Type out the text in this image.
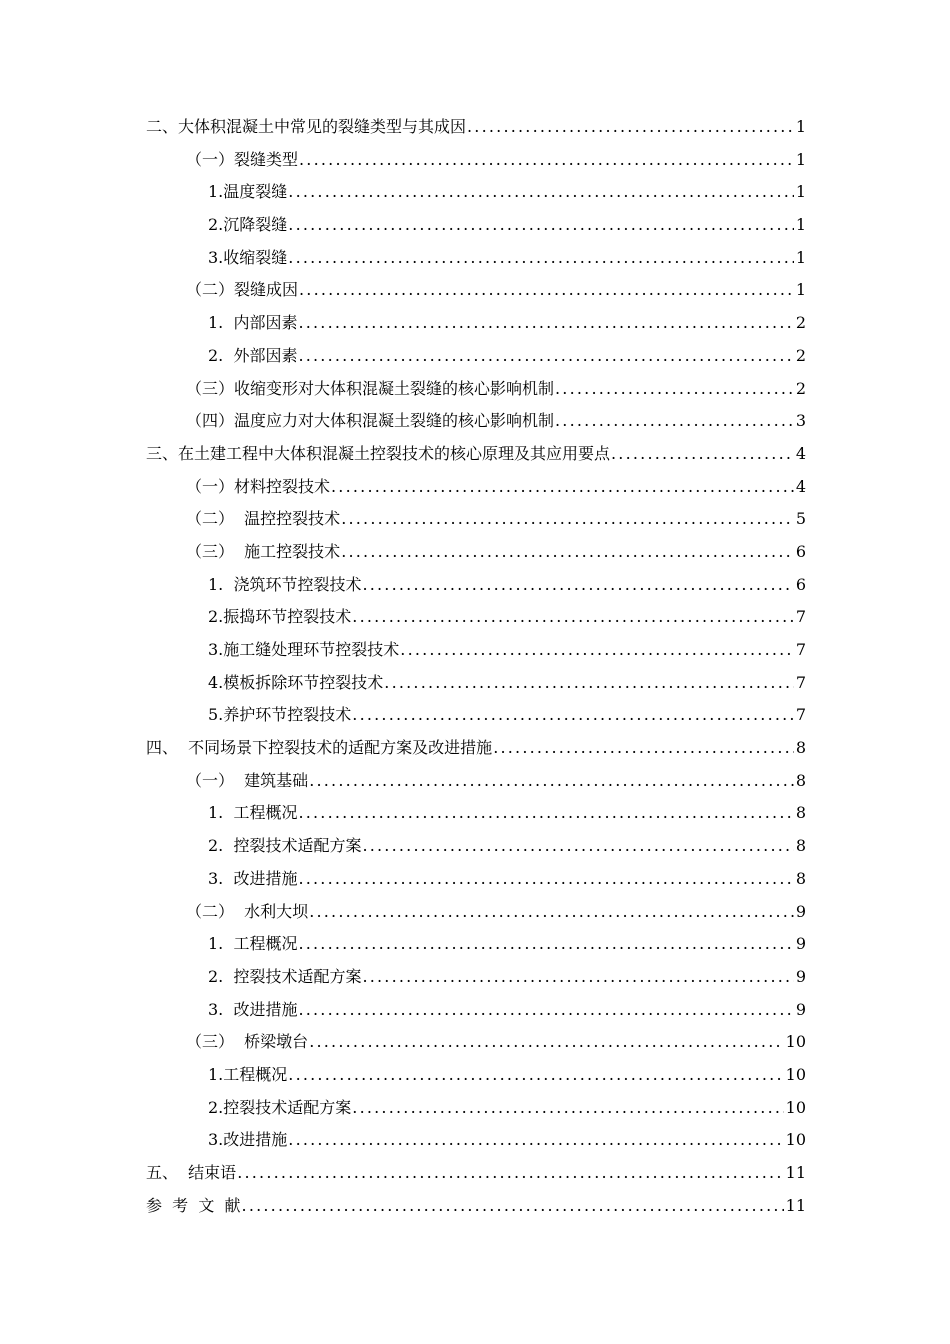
二、大体积混凝土中常见的裂缝类型与其成因 .....	1
（一）裂缝类型 .....	1
1.温度裂缝 .....	1
2.沉降裂缝 .....	1
3.收缩裂缝 .....	1
（二）裂缝成因 .....	1
1.  内部因素 .....	2
2.  外部因素 .....	2
（三）收缩变形对大体积混凝土裂缝的核心影响机制 .....	2
（四）温度应力对大体积混凝土裂缝的核心影响机制 .....	3
三、在土建工程中大体积混凝土控裂技术的核心原理及其应用要点 .....	4
（一）材料控裂技术 .....	4
（二）  温控控裂技术 .....	5
（三）  施工控裂技术 .....	6
1.  浇筑环节控裂技术 .....	6
2.振捣环节控裂技术 .....	7
3.施工缝处理环节控裂技术 .....	7
4.模板拆除环节控裂技术 .....	7
5.养护环节控裂技术 .....	7
四、  不同场景下控裂技术的适配方案及改进措施 .....	8
（一）  建筑基础 .....	8
1.  工程概况 .....	8
2.  控裂技术适配方案 .....	8
3.  改进措施 .....	8
（二）  水利大坝 .....	9
1.  工程概况 .....	9
2.  控裂技术适配方案 .....	9
3.  改进措施 .....	9
（三）  桥梁墩台 .....	10
1.工程概况 .....	10
2.控裂技术适配方案 .....	10
3.改进措施 .....	10
五、  结束语 .....	11
参  考  文  献 .....	11
